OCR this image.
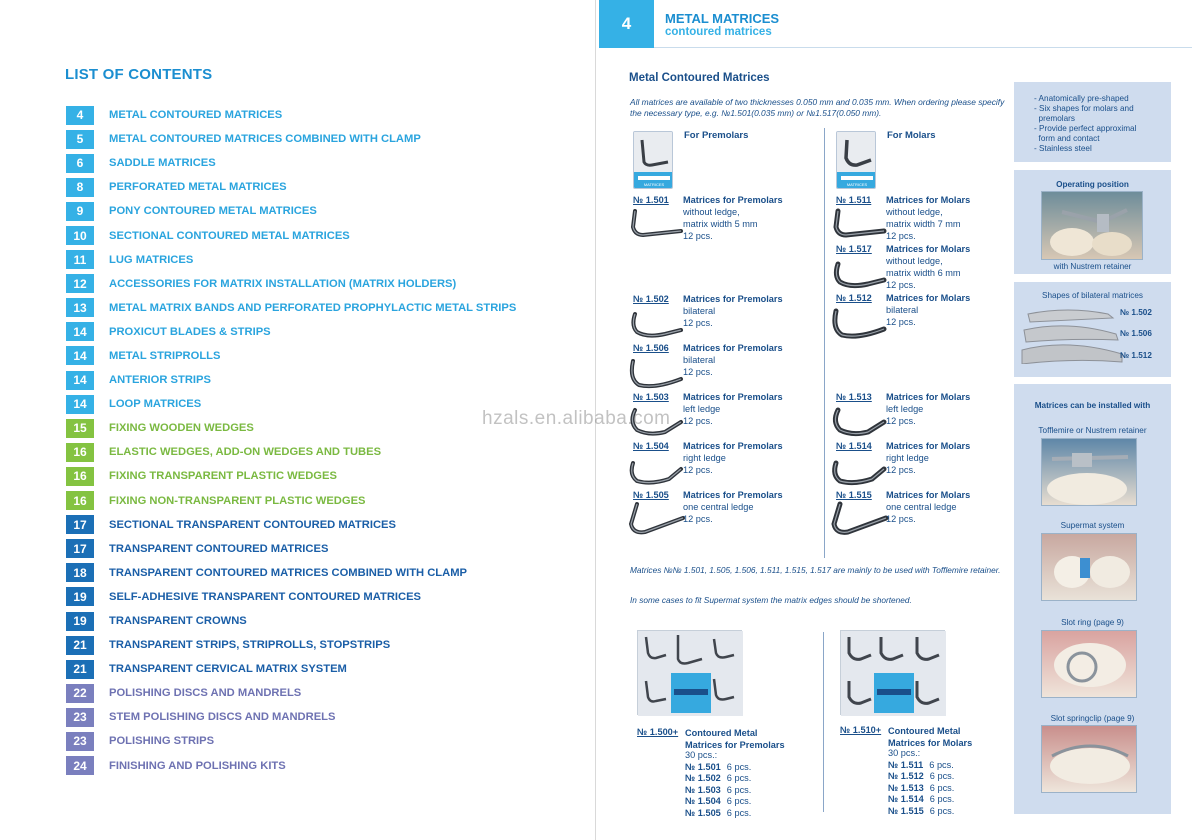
LIST OF CONTENTS
4	METAL CONTOURED MATRICES
5	METAL CONTOURED MATRICES COMBINED WITH CLAMP
6	SADDLE MATRICES
8	PERFORATED METAL MATRICES
9	PONY CONTOURED METAL MATRICES
10	SECTIONAL CONTOURED METAL MATRICES
11	LUG MATRICES
12	ACCESSORIES FOR MATRIX INSTALLATION (MATRIX HOLDERS)
13	METAL MATRIX BANDS AND PERFORATED PROPHYLACTIC METAL STRIPS
14	PROXICUT BLADES & STRIPS
14	METAL STRIPROLLS
14	ANTERIOR STRIPS
14	LOOP MATRICES
15	FIXING WOODEN WEDGES
16	ELASTIC WEDGES, ADD-ON WEDGES AND TUBES
16	FIXING TRANSPARENT PLASTIC WEDGES
16	FIXING NON-TRANSPARENT PLASTIC WEDGES
17	SECTIONAL TRANSPARENT CONTOURED MATRICES
17	TRANSPARENT CONTOURED MATRICES
18	TRANSPARENT CONTOURED MATRICES COMBINED WITH CLAMP
19	SELF-ADHESIVE TRANSPARENT CONTOURED MATRICES
19	TRANSPARENT CROWNS
21	TRANSPARENT STRIPS, STRIPROLLS, STOPSTRIPS
21	TRANSPARENT CERVICAL MATRIX SYSTEM
22	POLISHING DISCS AND MANDRELS
23	STEM POLISHING DISCS AND MANDRELS
23	POLISHING STRIPS
24	FINISHING AND POLISHING KITS
4	METAL MATRICES
contoured matrices
Metal Contoured Matrices
All matrices are available of two thicknesses 0.050 mm and 0.035 mm. When ordering please specify the necessary type, e.g. №1.501(0.035 mm) or №1.517(0.050 mm).
MATRICES
For Premolars
MATRICES
For Molars
№ 1.501 Matrices for Premolars
without ledge,
matrix width 5 mm
12 pcs.
№ 1.502 Matrices for Premolars
bilateral
12 pcs.
№ 1.506 Matrices for Premolars
bilateral
12 pcs.
№ 1.503 Matrices for Premolars
left ledge
12 pcs.
№ 1.504 Matrices for Premolars
right ledge
12 pcs.
№ 1.505 Matrices for Premolars
one central ledge
12 pcs.
№ 1.511 Matrices for Molars
without ledge,
matrix width 7 mm
12 pcs.
№ 1.517 Matrices for Molars
without ledge,
matrix width 6 mm
12 pcs.
№ 1.512 Matrices for Molars
bilateral
12 pcs.
№ 1.513 Matrices for Molars
left ledge
12 pcs.
№ 1.514 Matrices for Molars
right ledge
12 pcs.
№ 1.515 Matrices for Molars
one central ledge
12 pcs.
Matrices №№ 1.501, 1.505, 1.506, 1.511, 1.515, 1.517 are mainly to be used with Tofflemire retainer.
In some cases to fit Supermat system the matrix edges should be shortened.
№ 1.500+ Contoured Metal
Matrices for Premolars
30 pcs.:
№ 1.501 6 pcs.
№ 1.502 6 pcs.
№ 1.503 6 pcs.
№ 1.504 6 pcs.
№ 1.505 6 pcs.
№ 1.510+ Contoured Metal
Matrices for Molars
30 pcs.:
№ 1.511 6 pcs.
№ 1.512 6 pcs.
№ 1.513 6 pcs.
№ 1.514 6 pcs.
№ 1.515 6 pcs.
- Anatomically pre-shaped
- Six shapes for molars and
premolars
- Provide perfect approximal
form and contact
- Stainless steel
Operating position
with Nustrem retainer
Shapes of bilateral matrices
№ 1.502
№ 1.506
№ 1.512
Matrices can be installed with
Tofflemire or Nustrem retainer
Supermat system
Slot ring (page 9)
Slot springclip (page 9)
hzals.en.alibaba.com
